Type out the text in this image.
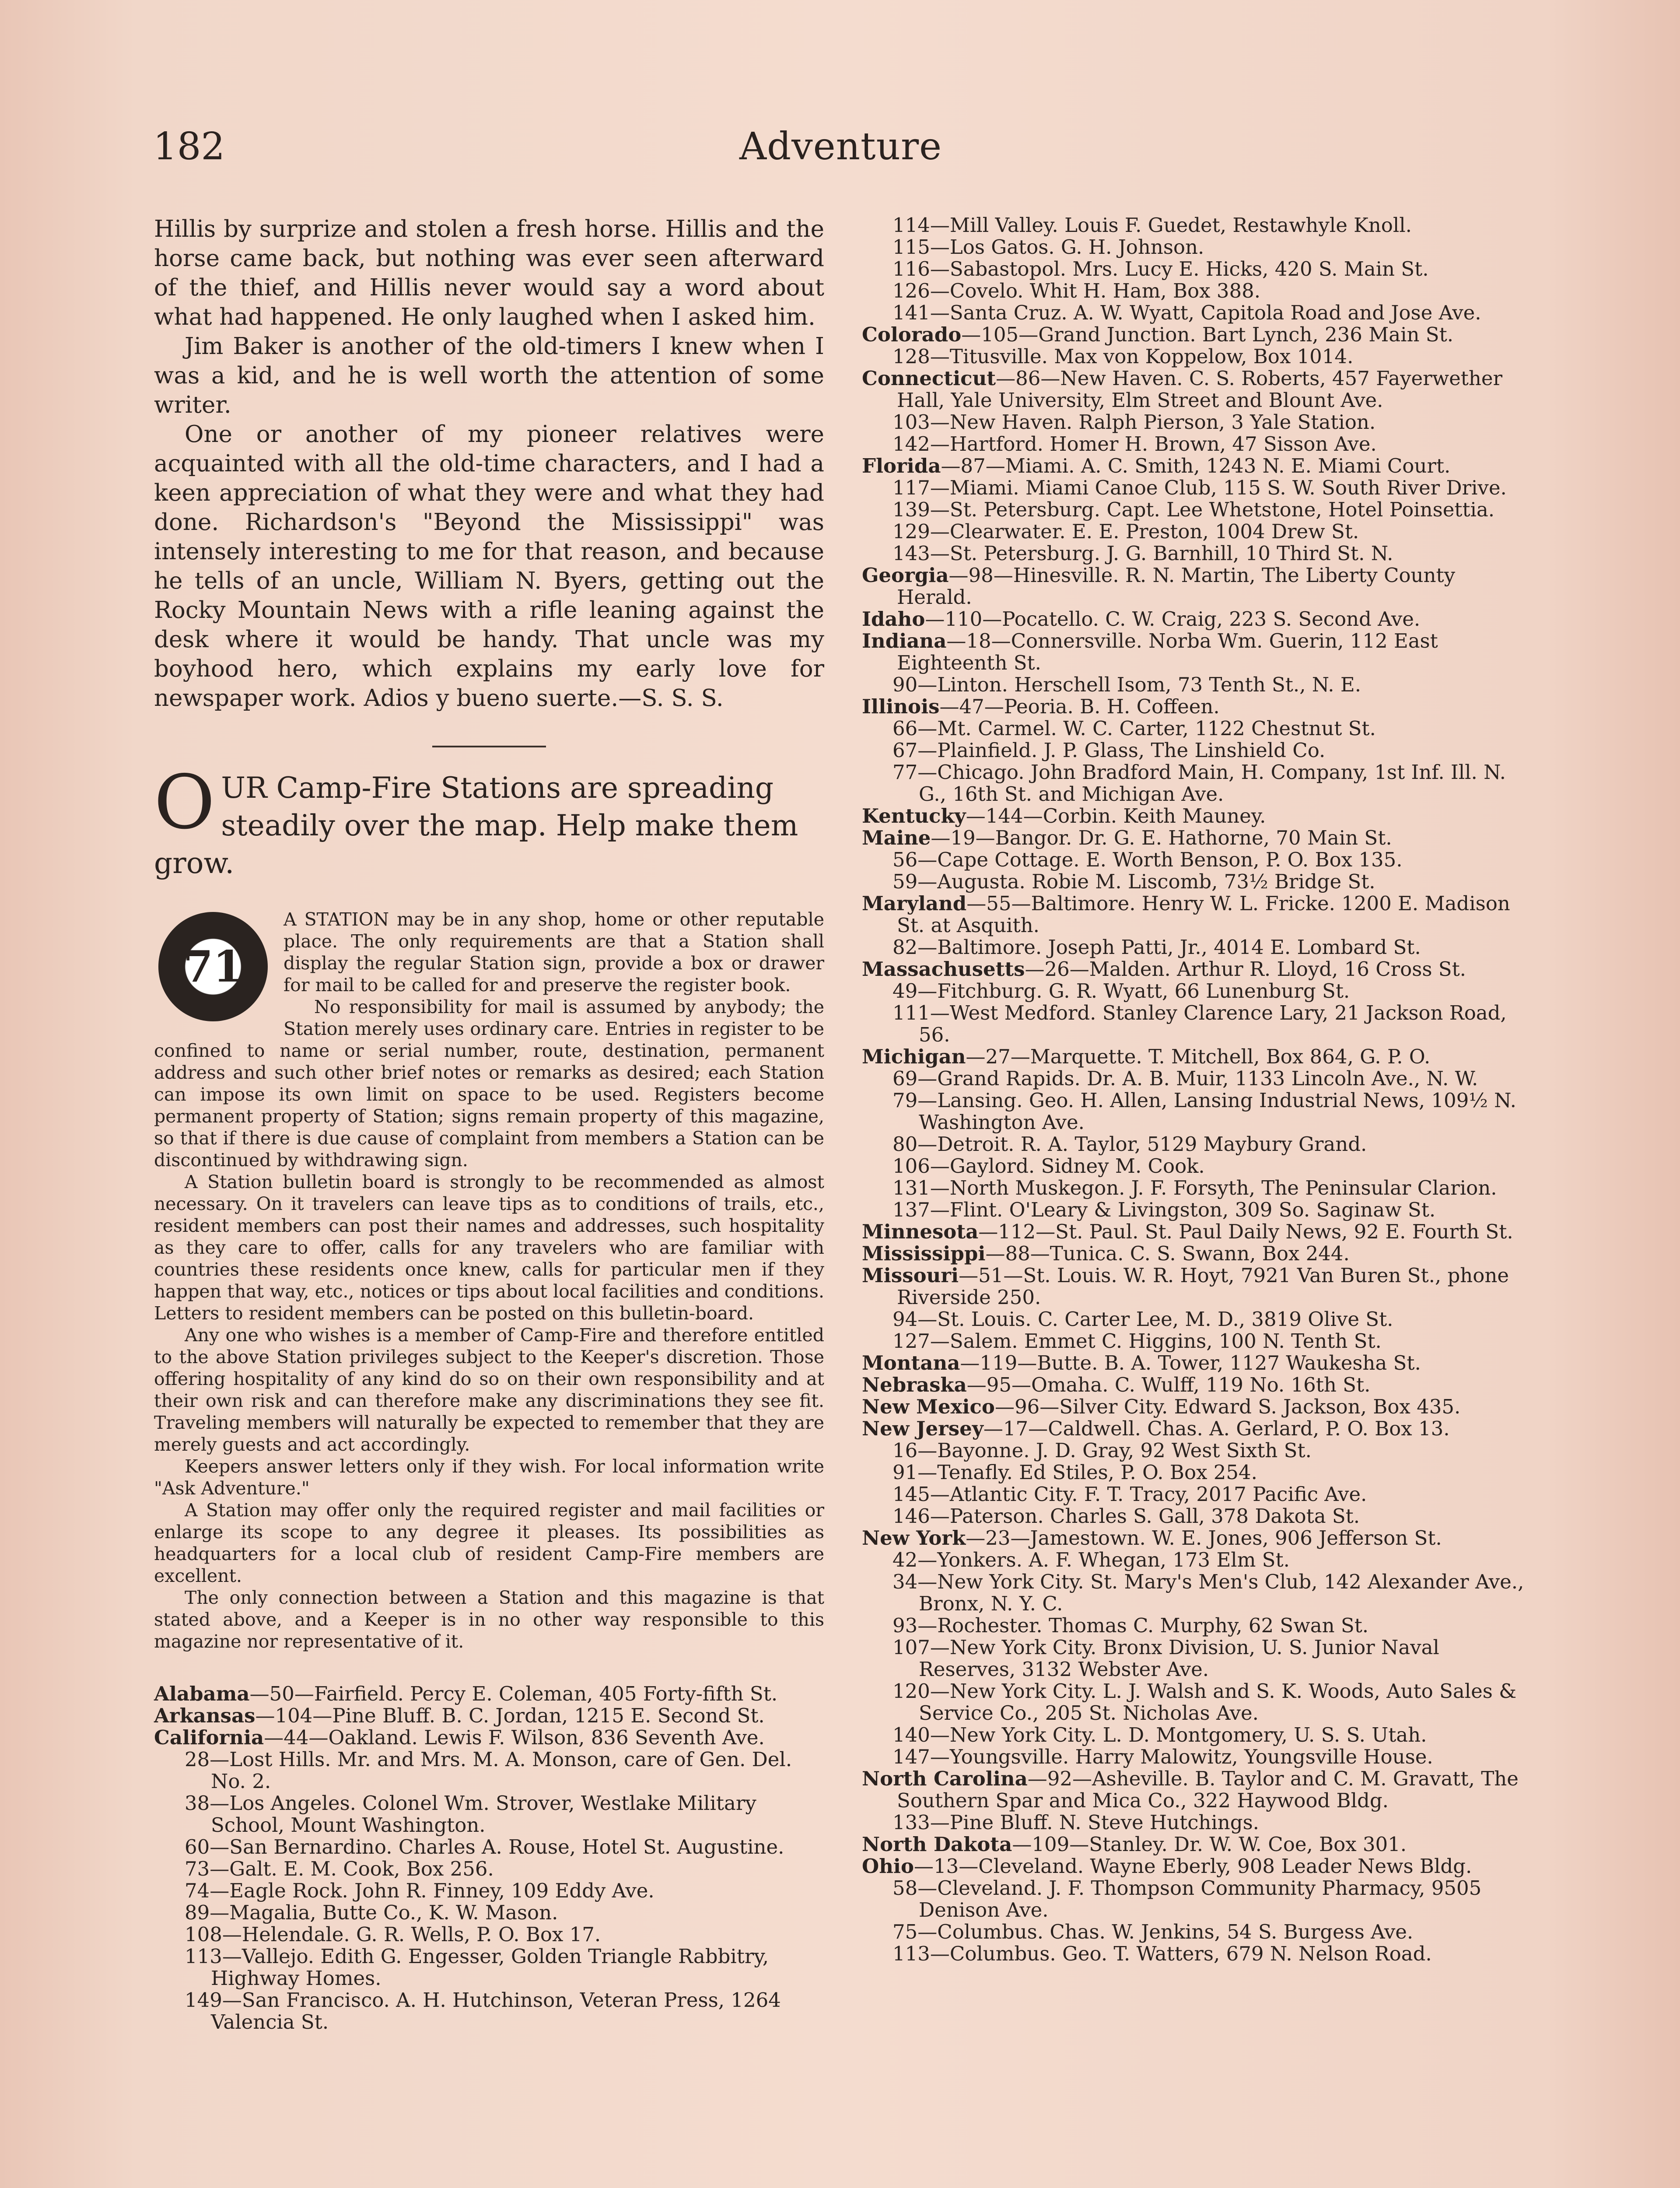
182	Adventure

Hillis by surprize and stolen a fresh horse. Hillis and the horse came back, but nothing was ever seen afterward of the thief, and Hillis never would say a word about what had happened. He only laughed when I asked him.

Jim Baker is another of the old-timers I knew when I was a kid, and he is well worth the attention of some writer.

One or another of my pioneer relatives were acquainted with all the old-time characters, and I had a keen appreciation of what they were and what they had done. Richardson's "Beyond the Mississippi" was intensely interesting to me for that reason, and because he tells of an uncle, William N. Byers, getting out the Rocky Mountain News with a rifle leaning against the desk where it would be handy. That uncle was my boyhood hero, which explains my early love for newspaper work. Adios y bueno suerte.—S. S. S.

OUR Camp-Fire Stations are spreading steadily over the map. Help make them grow.

71

A STATION may be in any shop, home or other reputable place. The only requirements are that a Station shall display the regular Station sign, provide a box or drawer for mail to be called for and preserve the register book.

No responsibility for mail is assumed by anybody; the Station merely uses ordinary care. Entries in register to be confined to name or serial number, route, destination, permanent address and such other brief notes or remarks as desired; each Station can impose its own limit on space to be used. Registers become permanent property of Station; signs remain property of this magazine, so that if there is due cause of complaint from members a Station can be discontinued by withdrawing sign.

A Station bulletin board is strongly to be recommended as almost necessary. On it travelers can leave tips as to conditions of trails, etc., resident members can post their names and addresses, such hospitality as they care to offer, calls for any travelers who are familiar with countries these residents once knew, calls for particular men if they happen that way, etc., notices or tips about local facilities and conditions. Letters to resident members can be posted on this bulletin-board.

Any one who wishes is a member of Camp-Fire and therefore entitled to the above Station privileges subject to the Keeper's discretion. Those offering hospitality of any kind do so on their own responsibility and at their own risk and can therefore make any discriminations they see fit. Traveling members will naturally be expected to remember that they are merely guests and act accordingly.

Keepers answer letters only if they wish. For local information write "Ask Adventure."

A Station may offer only the required register and mail facilities or enlarge its scope to any degree it pleases. Its possibilities as headquarters for a local club of resident Camp-Fire members are excellent.

The only connection between a Station and this magazine is that stated above, and a Keeper is in no other way responsible to this magazine nor representative of it.

Alabama—50—Fairfield. Percy E. Coleman, 405 Forty-fifth St.

Arkansas—104—Pine Bluff. B. C. Jordan, 1215 E. Second St.

California—44—Oakland. Lewis F. Wilson, 836 Seventh Ave.

28—Lost Hills. Mr. and Mrs. M. A. Monson, care of Gen. Del. No. 2.

38—Los Angeles. Colonel Wm. Strover, Westlake Military School, Mount Washington.

60—San Bernardino. Charles A. Rouse, Hotel St. Augustine.

73—Galt. E. M. Cook, Box 256.

74—Eagle Rock. John R. Finney, 109 Eddy Ave.

89—Magalia, Butte Co., K. W. Mason.

108—Helendale. G. R. Wells, P. O. Box 17.

113—Vallejo. Edith G. Engesser, Golden Triangle Rabbitry, Highway Homes.

149—San Francisco. A. H. Hutchinson, Veteran Press, 1264 Valencia St.

114—Mill Valley. Louis F. Guedet, Restawhyle Knoll.

115—Los Gatos. G. H. Johnson.

116—Sabastopol. Mrs. Lucy E. Hicks, 420 S. Main St.

126—Covelo. Whit H. Ham, Box 388.

141—Santa Cruz. A. W. Wyatt, Capitola Road and Jose Ave.

Colorado—105—Grand Junction. Bart Lynch, 236 Main St.

128—Titusville. Max von Koppelow, Box 1014.

Connecticut—86—New Haven. C. S. Roberts, 457 Fayerwether Hall, Yale University, Elm Street and Blount Ave.

103—New Haven. Ralph Pierson, 3 Yale Station.

142—Hartford. Homer H. Brown, 47 Sisson Ave.

Florida—87—Miami. A. C. Smith, 1243 N. E. Miami Court.

117—Miami. Miami Canoe Club, 115 S. W. South River Drive.

139—St. Petersburg. Capt. Lee Whetstone, Hotel Poinsettia.

129—Clearwater. E. E. Preston, 1004 Drew St.

143—St. Petersburg. J. G. Barnhill, 10 Third St. N.

Georgia—98—Hinesville. R. N. Martin, The Liberty County Herald.

Idaho—110—Pocatello. C. W. Craig, 223 S. Second Ave.

Indiana—18—Connersville. Norba Wm. Guerin, 112 East Eighteenth St.

90—Linton. Herschell Isom, 73 Tenth St., N. E.

Illinois—47—Peoria. B. H. Coffeen.

66—Mt. Carmel. W. C. Carter, 1122 Chestnut St.

67—Plainfield. J. P. Glass, The Linshield Co.

77—Chicago. John Bradford Main, H. Company, 1st Inf. Ill. N. G., 16th St. and Michigan Ave.

Kentucky—144—Corbin. Keith Mauney.

Maine—19—Bangor. Dr. G. E. Hathorne, 70 Main St.

56—Cape Cottage. E. Worth Benson, P. O. Box 135.

59—Augusta. Robie M. Liscomb, 73½ Bridge St.

Maryland—55—Baltimore. Henry W. L. Fricke. 1200 E. Madison St. at Asquith.

82—Baltimore. Joseph Patti, Jr., 4014 E. Lombard St.

Massachusetts—26—Malden. Arthur R. Lloyd, 16 Cross St.

49—Fitchburg. G. R. Wyatt, 66 Lunenburg St.

111—West Medford. Stanley Clarence Lary, 21 Jackson Road, 56.

Michigan—27—Marquette. T. Mitchell, Box 864, G. P. O.

69—Grand Rapids. Dr. A. B. Muir, 1133 Lincoln Ave., N. W.

79—Lansing. Geo. H. Allen, Lansing Industrial News, 109½ N. Washington Ave.

80—Detroit. R. A. Taylor, 5129 Maybury Grand.

106—Gaylord. Sidney M. Cook.

131—North Muskegon. J. F. Forsyth, The Peninsular Clarion.

137—Flint. O'Leary & Livingston, 309 So. Saginaw St.

Minnesota—112—St. Paul. St. Paul Daily News, 92 E. Fourth St.

Mississippi—88—Tunica. C. S. Swann, Box 244.

Missouri—51—St. Louis. W. R. Hoyt, 7921 Van Buren St., phone Riverside 250.

94—St. Louis. C. Carter Lee, M. D., 3819 Olive St.

127—Salem. Emmet C. Higgins, 100 N. Tenth St.

Montana—119—Butte. B. A. Tower, 1127 Waukesha St.

Nebraska—95—Omaha. C. Wulff, 119 No. 16th St.

New Mexico—96—Silver City. Edward S. Jackson, Box 435.

New Jersey—17—Caldwell. Chas. A. Gerlard, P. O. Box 13.

16—Bayonne. J. D. Gray, 92 West Sixth St.

91—Tenafly. Ed Stiles, P. O. Box 254.

145—Atlantic City. F. T. Tracy, 2017 Pacific Ave.

146—Paterson. Charles S. Gall, 378 Dakota St.

New York—23—Jamestown. W. E. Jones, 906 Jefferson St.

42—Yonkers. A. F. Whegan, 173 Elm St.

34—New York City. St. Mary's Men's Club, 142 Alexander Ave., Bronx, N. Y. C.

93—Rochester. Thomas C. Murphy, 62 Swan St.

107—New York City. Bronx Division, U. S. Junior Naval Reserves, 3132 Webster Ave.

120—New York City. L. J. Walsh and S. K. Woods, Auto Sales & Service Co., 205 St. Nicholas Ave.

140—New York City. L. D. Montgomery, U. S. S. Utah.

147—Youngsville. Harry Malowitz, Youngsville House.

North Carolina—92—Asheville. B. Taylor and C. M. Gravatt, The Southern Spar and Mica Co., 322 Haywood Bldg.

133—Pine Bluff. N. Steve Hutchings.

North Dakota—109—Stanley. Dr. W. W. Coe, Box 301.

Ohio—13—Cleveland. Wayne Eberly, 908 Leader News Bldg.

58—Cleveland. J. F. Thompson Community Pharmacy, 9505 Denison Ave.

75—Columbus. Chas. W. Jenkins, 54 S. Burgess Ave.

113—Columbus. Geo. T. Watters, 679 N. Nelson Road.
